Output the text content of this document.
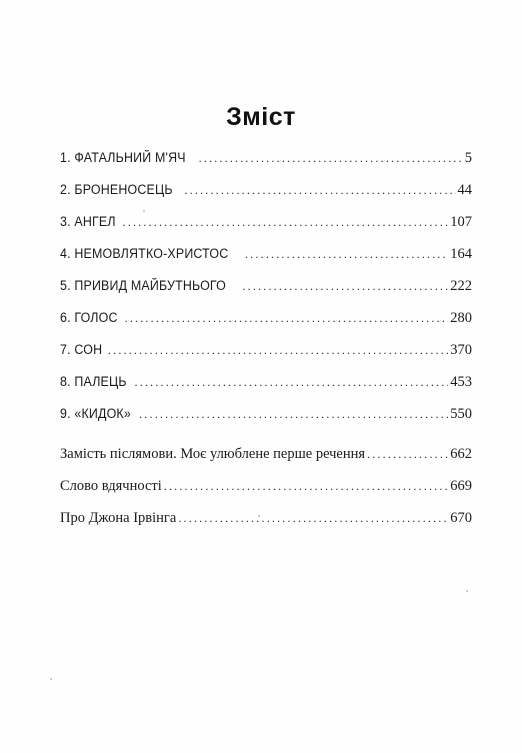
Зміст
1. ФАТАЛЬНИЙ М'ЯЧ .....	5
2. БРОНЕНОСЕЦЬ .....	44
3. АНГЕЛ .....	107
4. НЕМОВЛЯТКО-ХРИСТОС .....	164
5. ПРИВИД МАЙБУТНЬОГО .....	222
6. ГОЛОС .....	280
7. СОН .....	370
8. ПАЛЕЦЬ .....	453
9. «КИДОК» .....	550
Замість післямови. Моє улюблене перше речення .....	662
Слово вдячності .....	669
Про Джона Ірвінга .....	670
